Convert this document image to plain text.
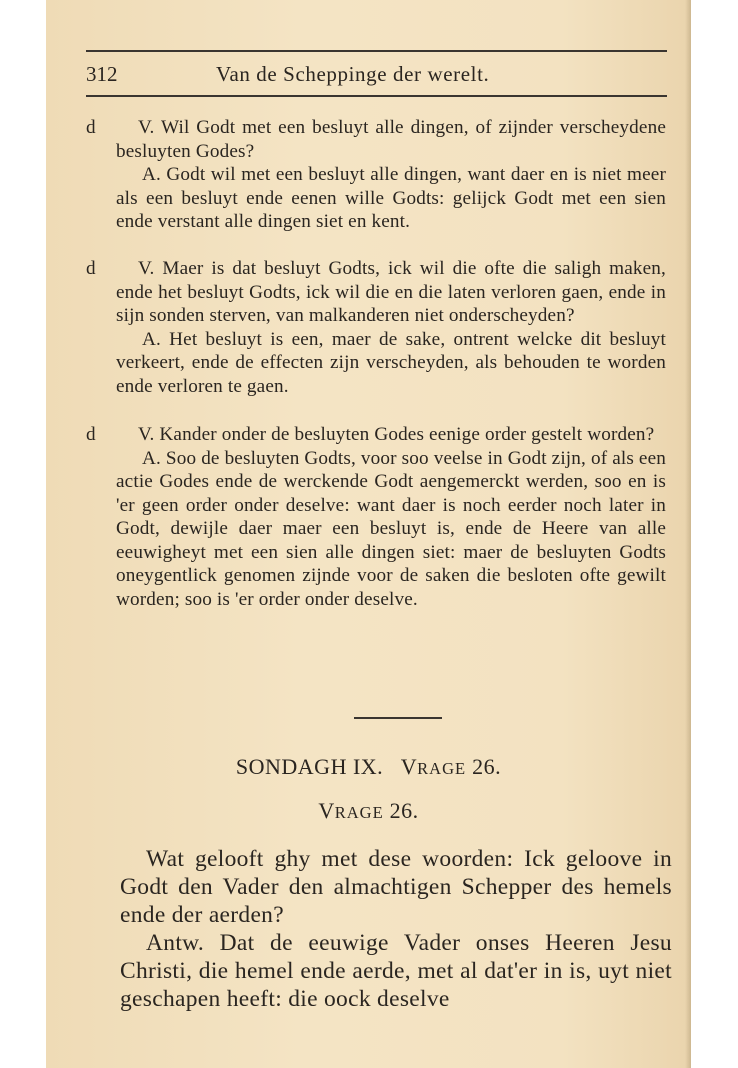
312	Van de Scheppinge der werelt.
d	V. Wil Godt met een besluyt alle dingen, of zijnder verscheydene besluyten Godes?

A. Godt wil met een besluyt alle dingen, want daer en is niet meer als een besluyt ende eenen wille Godts: gelijck Godt met een sien ende verstant alle dingen siet en kent.

d	V. Maer is dat besluyt Godts, ick wil die ofte die saligh maken, ende het besluyt Godts, ick wil die en die laten verloren gaen, ende in sijn sonden sterven, van malkanderen niet onderscheyden?

A. Het besluyt is een, maer de sake, ontrent welcke dit besluyt verkeert, ende de effecten zijn verscheyden, als behouden te worden ende verloren te gaen.

d	V. Kander onder de besluyten Godes eenige order gestelt worden?

A. Soo de besluyten Godts, voor soo veelse in Godt zijn, of als een actie Godes ende de werckende Godt aengemerckt werden, soo en is 'er geen order onder deselve: want daer is noch eerder noch later in Godt, dewijle daer maer een besluyt is, ende de Heere van alle eeuwigheyt met een sien alle dingen siet: maer de besluyten Godts oneygentlick genomen zijnde voor de saken die besloten ofte gewilt worden; soo is 'er order onder deselve.

SONDAGH IX. VRAGE 26.
VRAGE 26.

Wat gelooft ghy met dese woorden: Ick geloove in Godt den Vader den almachtigen Schepper des hemels ende der aerden?

Antw. Dat de eeuwige Vader onses Heeren Jesu Christi, die hemel ende aerde, met al dat'er in is, uyt niet geschapen heeft: die oock deselve
